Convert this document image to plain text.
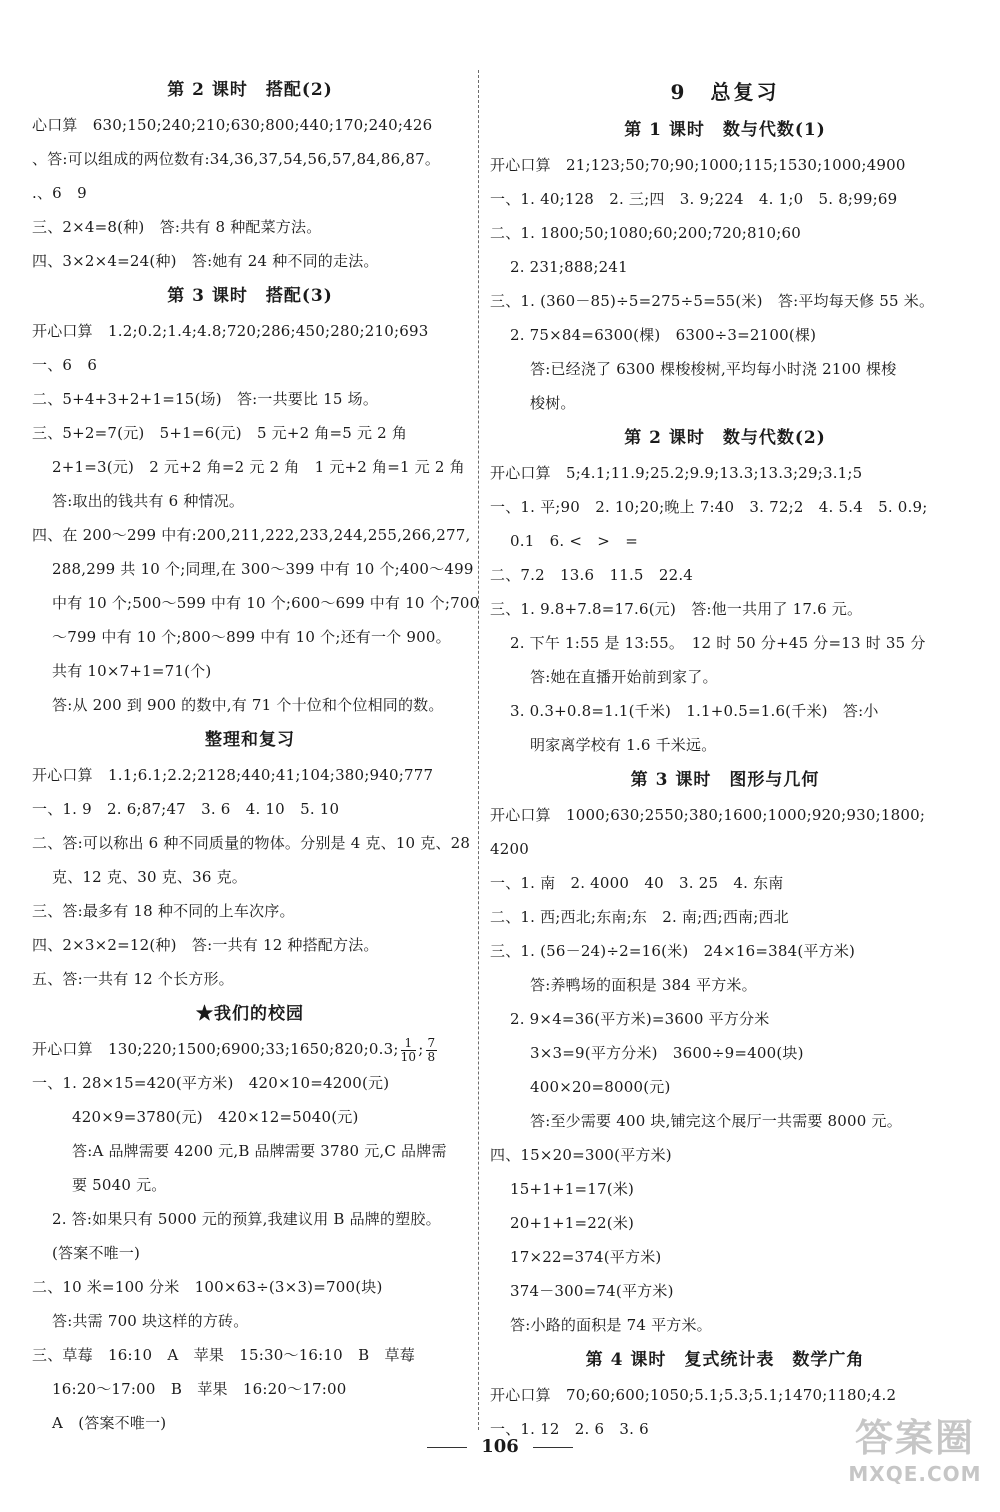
第 2 课时　搭配(2)
心口算　630;150;240;210;630;800;440;170;240;426
、答:可以组成的两位数有:34,36,37,54,56,57,84,86,87。
.、6　9
三、2×4=8(种)　答:共有 8 种配菜方法。
四、3×2×4=24(种)　答:她有 24 种不同的走法。
第 3 课时　搭配(3)
开心口算　1.2;0.2;1.4;4.8;720;286;450;280;210;693
一、6　6
二、5+4+3+2+1=15(场)　答:一共要比 15 场。
三、5+2=7(元)　5+1=6(元)　5 元+2 角=5 元 2 角
2+1=3(元)　2 元+2 角=2 元 2 角　1 元+2 角=1 元 2 角
答:取出的钱共有 6 种情况。
四、在 200～299 中有:200,211,222,233,244,255,266,277,
288,299 共 10 个;同理,在 300～399 中有 10 个;400～499
中有 10 个;500～599 中有 10 个;600～699 中有 10 个;700
～799 中有 10 个;800～899 中有 10 个;还有一个 900。
共有 10×7+1=71(个)
答:从 200 到 900 的数中,有 71 个十位和个位相同的数。
整理和复习
开心口算　1.1;6.1;2.2;2128;440;41;104;380;940;777
一、1. 9　2. 6;87;47　3. 6　4. 10　5. 10
二、答:可以称出 6 种不同质量的物体。分别是 4 克、10 克、28
克、12 克、30 克、36 克。
三、答:最多有 18 种不同的上车次序。
四、2×3×2=12(种)　答:一共有 12 种搭配方法。
五、答:一共有 12 个长方形。
★我们的校园
开心口算　130;220;1500;6900;33;1650;820;0.3; $\frac{1}{10}$ ; $\frac{7}{8}$
一、1. 28×15=420(平方米)　420×10=4200(元)
420×9=3780(元)　420×12=5040(元)
答:A 品牌需要 4200 元,B 品牌需要 3780 元,C 品牌需
要 5040 元。
2. 答:如果只有 5000 元的预算,我建议用 B 品牌的塑胶。
(答案不唯一)
二、10 米=100 分米　100×63÷(3×3)=700(块)
答:共需 700 块这样的方砖。
三、草莓　16:10　A　苹果　15:30～16:10　B　草莓
16:20～17:00　B　苹果　16:20～17:00
A　(答案不唯一)
9　总复习
第 1 课时　数与代数(1)
开心口算　21;123;50;70;90;1000;115;1530;1000;4900
一、1. 40;128　2. 三;四　3. 9;224　4. 1;0　5. 8;99;69
二、1. 1800;50;1080;60;200;720;810;60
2. 231;888;241
三、1. (360－85)÷5=275÷5=55(米)　答:平均每天修 55 米。
2. 75×84=6300(棵)　6300÷3=2100(棵)
答:已经浇了 6300 棵梭梭树,平均每小时浇 2100 棵梭
梭树。
第 2 课时　数与代数(2)
开心口算　5;4.1;11.9;25.2;9.9;13.3;13.3;29;3.1;5
一、1. 平;90　2. 10;20;晚上 7:40　3. 72;2　4. 5.4　5. 0.9;
0.1　6. <　>　=
二、7.2　13.6　11.5　22.4
三、1. 9.8+7.8=17.6(元)　答:他一共用了 17.6 元。
2. 下午 1:55 是 13:55。　12 时 50 分+45 分=13 时 35 分
答:她在直播开始前到家了。
3. 0.3+0.8=1.1(千米)　1.1+0.5=1.6(千米)　答:小
明家离学校有 1.6 千米远。
第 3 课时　图形与几何
开心口算　1000;630;2550;380;1600;1000;920;930;1800;
4200
一、1. 南　2. 4000　40　3. 25　4. 东南
二、1. 西;西北;东南;东　2. 南;西;西南;西北
三、1. (56－24)÷2=16(米)　24×16=384(平方米)
答:养鸭场的面积是 384 平方米。
2. 9×4=36(平方米)=3600 平方分米
3×3=9(平方分米)　3600÷9=400(块)
400×20=8000(元)
答:至少需要 400 块,铺完这个展厅一共需要 8000 元。
四、15×20=300(平方米)
15+1+1=17(米)
20+1+1=22(米)
17×22=374(平方米)
374－300=74(平方米)
答:小路的面积是 74 平方米。
第 4 课时　复式统计表　数学广角
开心口算　70;60;600;1050;5.1;5.3;5.1;1470;1180;4.2
一、1. 12　2. 6　3. 6
106	答案圈
MXQE.COM
